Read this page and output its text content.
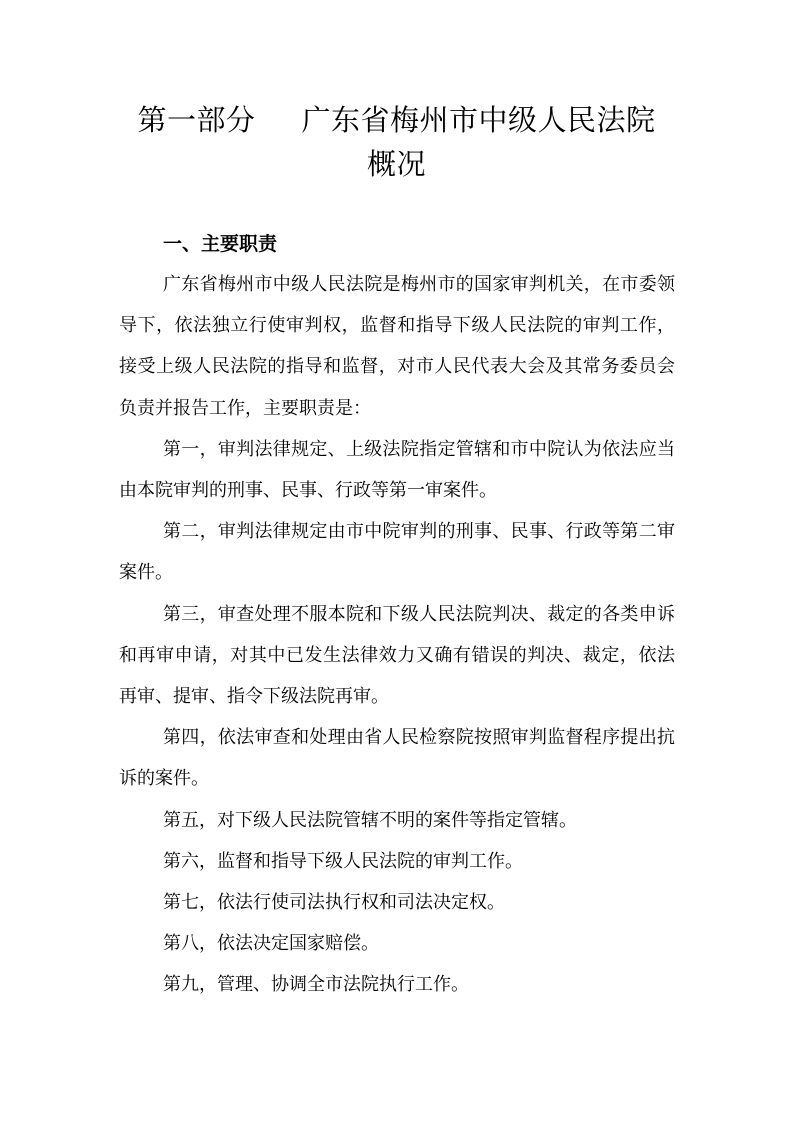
第一部分 广东省梅州市中级人民法院
概况
一、主要职责

广东省梅州市中级人民法院是梅州市的国家审判机关，在市委领导下，依法独立行使审判权，监督和指导下级人民法院的审判工作，接受上级人民法院的指导和监督，对市人民代表大会及其常务委员会负责并报告工作，主要职责是：

第一，审判法律规定、上级法院指定管辖和市中院认为依法应当由本院审判的刑事、民事、行政等第一审案件。

第二，审判法律规定由市中院审判的刑事、民事、行政等第二审案件。

第三，审查处理不服本院和下级人民法院判决、裁定的各类申诉和再审申请，对其中已发生法律效力又确有错误的判决、裁定，依法再审、提审、指令下级法院再审。

第四，依法审查和处理由省人民检察院按照审判监督程序提出抗诉的案件。

第五，对下级人民法院管辖不明的案件等指定管辖。

第六，监督和指导下级人民法院的审判工作。

第七，依法行使司法执行权和司法决定权。

第八，依法决定国家赔偿。

第九，管理、协调全市法院执行工作。
